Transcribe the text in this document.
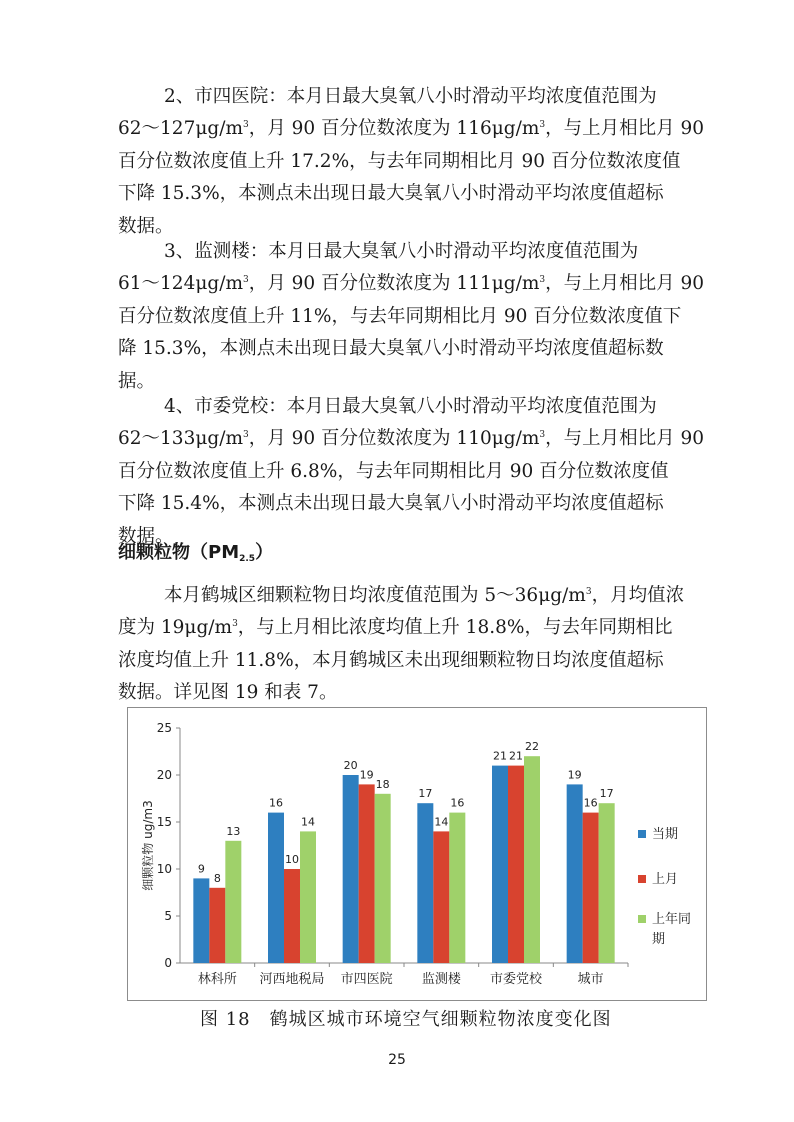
2、市四医院：本月日最大臭氧八小时滑动平均浓度值范围为
$62\sim 127\mu g/m^3$，月 90 百分位数浓度为 $116\mu g/m^3$，与上月相比月 90
百分位数浓度值上升 17.2%，与去年同期相比月 90 百分位数浓度值
下降 15.3%，本测点未出现日最大臭氧八小时滑动平均浓度值超标
数据。
3、监测楼：本月日最大臭氧八小时滑动平均浓度值范围为
$61\sim 124\mu g/m^3$，月 90 百分位数浓度为 $111\mu g/m^3$，与上月相比月 90
百分位数浓度值上升 11%，与去年同期相比月 90 百分位数浓度值下
降 15.3%，本测点未出现日最大臭氧八小时滑动平均浓度值超标数
据。
4、市委党校：本月日最大臭氧八小时滑动平均浓度值范围为
$62\sim 133\mu g/m^3$，月 90 百分位数浓度为 $110\mu g/m^3$，与上月相比月 90
百分位数浓度值上升 6.8%，与去年同期相比月 90 百分位数浓度值
下降 15.4%，本测点未出现日最大臭氧八小时滑动平均浓度值超标
数据。
细颗粒物$(PM_{2.5})$
本月鹤城区细颗粒物日均浓度值范围为 $5\sim 36\mu g/m^3$，月均值浓
度为 $19\mu g/m^3$，与上月相比浓度均值上升 18.8%，与去年同期相比
浓度均值上升 11.8%，本月鹤城区未出现细颗粒物日均浓度值超标
数据。详见图 19 和表 7。
0
5
10
15
20
25
细颗粒物 ug/m3	9
8
13
林科所
16
10
14
河西地税局
20
19
18
市四医院
17
14
16
监测楼
21 21
22
市委党校
19
16
17
城市
当期
上月
上年同
期
图 18　鹤城区城市环境空气细颗粒物浓度变化图
25
